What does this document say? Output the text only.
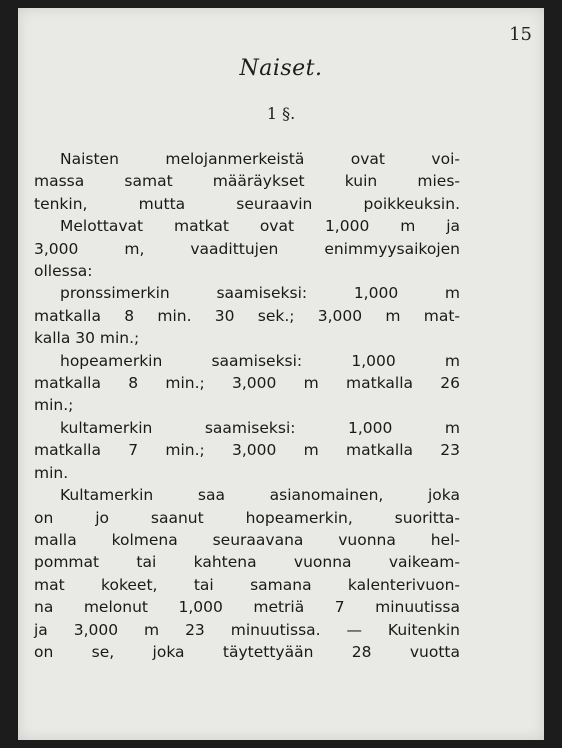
15
Naiset.
1 §.
Naisten melojanmerkeistä ovat voi-
massa samat määräykset kuin mies-
tenkin, mutta seuraavin poikkeuksin.
Melottavat matkat ovat 1,000 m ja
3,000 m, vaadittujen enimmyysaikojen
ollessa:
pronssimerkin saamiseksi: 1,000 m
matkalla 8 min. 30 sek.; 3,000 m mat-
kalla 30 min.;
hopeamerkin saamiseksi: 1,000 m
matkalla 8 min.; 3,000 m matkalla 26
min.;
kultamerkin saamiseksi: 1,000 m
matkalla 7 min.; 3,000 m matkalla 23
min.
Kultamerkin saa asianomainen, joka
on jo saanut hopeamerkin, suoritta-
malla kolmena seuraavana vuonna hel-
pommat tai kahtena vuonna vaikeam-
mat kokeet, tai samana kalenterivuon-
na melonut 1,000 metriä 7 minuutissa
ja 3,000 m 23 minuutissa. — Kuitenkin
on se, joka täytettyään 28 vuotta
